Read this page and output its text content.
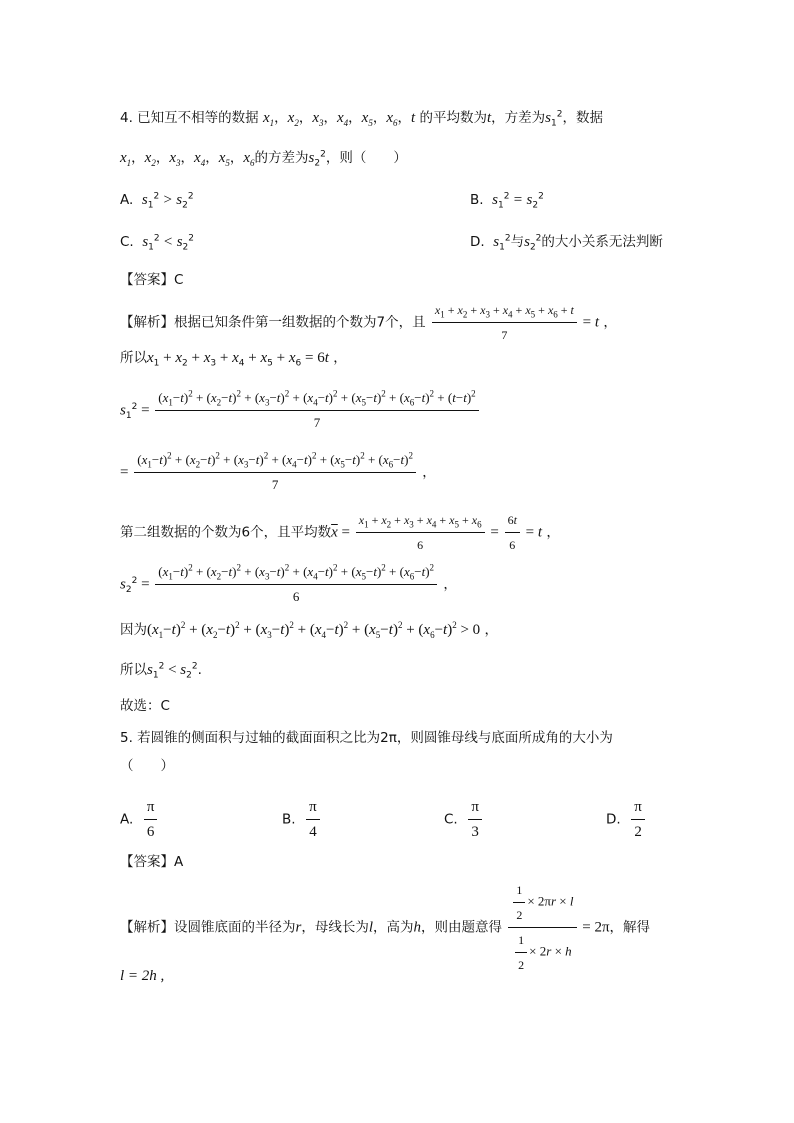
4. 已知互不相等的数据 $x_1$，$x_2$，$x_3$，$x_4$，$x_5$，$x_6$，t 的平均数为t，方差为$s_1^2$，数据
$x_1$，$x_2$，$x_3$，$x_4$，$x_5$，$x_6$的方差为$s_2^2$，则（　　）
A. $s_1^2 > s_2^2$	B. $s_1^2 = s_2^2$
C. $s_1^2 < s_2^2$	D. $s_1^2$与$s_2^2$的大小关系无法判断
【答案】C
【解析】根据已知条件第一组数据的个数为7个，且 $\frac{x_1 + x_2 + x_3 + x_4 + x_5 + x_6 + t}{7} = t$ ，
所以$x_1 + x_2 + x_3 + x_4 + x_5 + x_6 = 6t$ ，
$s_1^2$ =
$(x_1-t)^2 + (x_2-t)^2 + (x_3-t)^2 + (x_4-t)^2 + (x_5-t)^2 + (x_6-t)^2 + (t-t)^2$
7
= $\frac{(x_1-t)^2 + (x_2-t)^2 + (x_3-t)^2 + (x_4-t)^2 + (x_5-t)^2 + (x_6-t)^2}{7}$ ，
第二组数据的个数为6个，且平均数$\overline{x} = \frac{x_1 + x_2 + x_3 + x_4 + x_5 + x_6}{6} = \frac{6t}{6} = t$ ，
$s_2^2 = \frac{(x_1-t)^2 + (x_2-t)^2 + (x_3-t)^2 + (x_4-t)^2 + (x_5-t)^2 + (x_6-t)^2}{6}$ ，
因为$(x_1-t)^2 + (x_2-t)^2 + (x_3-t)^2 + (x_4-t)^2 + (x_5-t)^2 + (x_6-t)^2 > 0$ ，
所以$s_1^2 < s_2^2$.
故选：C
5. 若圆锥的侧面积与过轴的截面面积之比为2π，则圆锥母线与底面所成角的大小为
（　　）
A. $\frac{\pi}{6}$	B. $\frac{\pi}{4}$	C. $\frac{\pi}{3}$	D. $\frac{\pi}{2}$
【答案】A
【解析】设圆锥底面的半径为r，母线长为l，高为h，则由题意得 $\frac{\frac{1}{2} \times 2\pi r \times l}{\frac{1}{2} \times 2r \times h} = 2\pi$，解得
l = 2h ,
